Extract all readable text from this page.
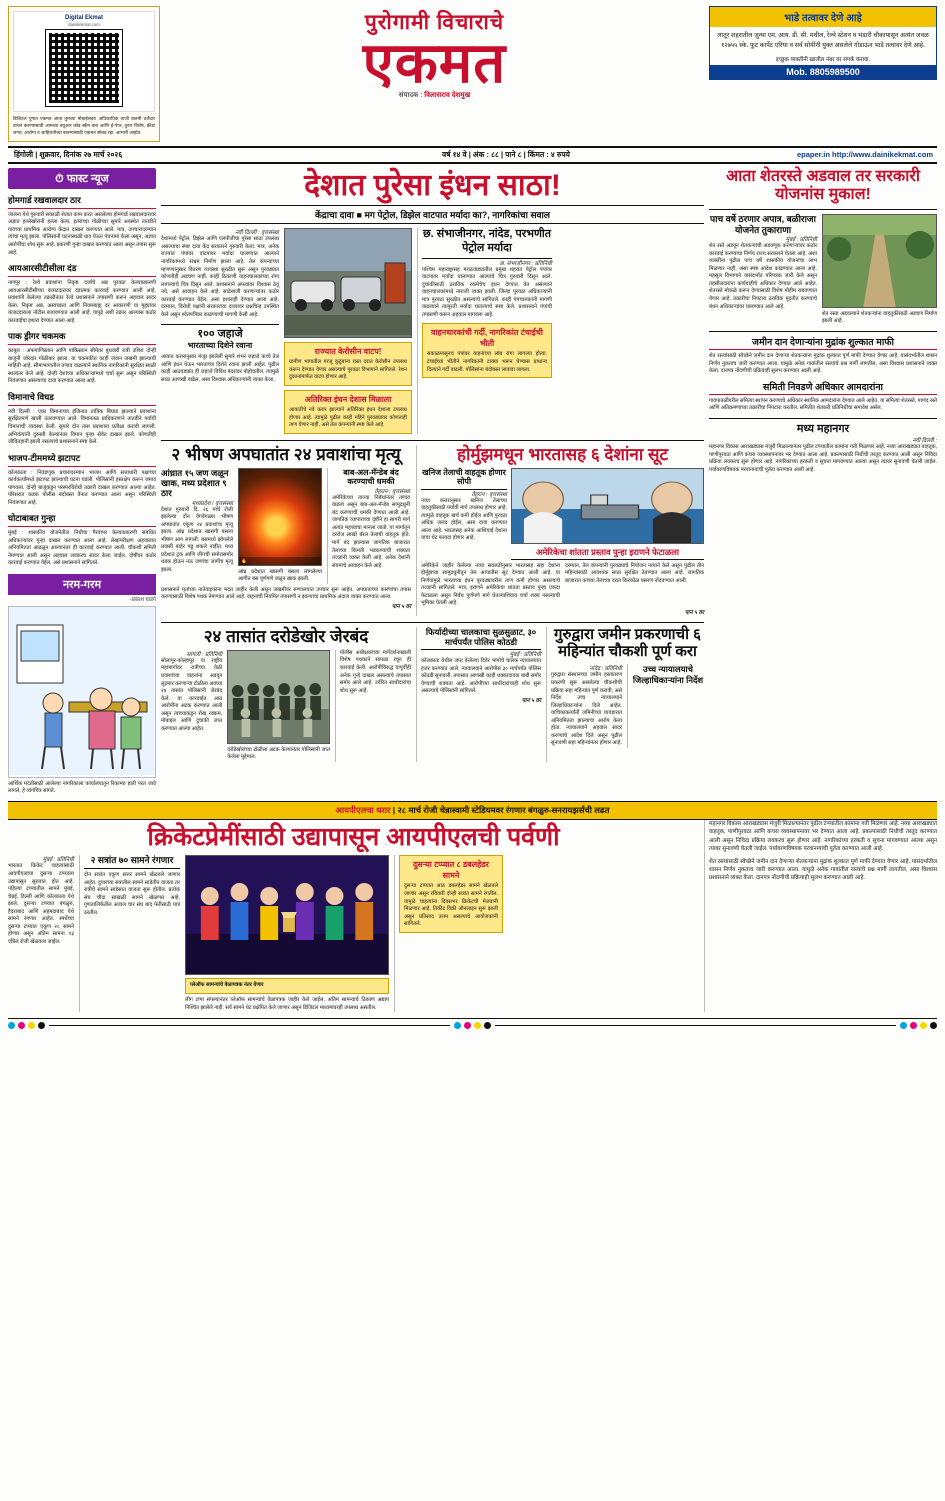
Digital Ekmat
dainikekmat.com
डिजिटल युगात एकमत आता तुमच्या मोबाईलवर! अधिकाधिक ताजी बातमी दर्जेदार वाचन करण्यासाठी आमच्या क्यूआर कोड स्कॅन करा आणि ई-पेपर, तुरुप विशेष, क्रीडा जगत, आरोग्य व जाहिरातीच्या बातम्यांसाठी एकमत सोबत रहा. आभारी आहोत.
पुरोगामी विचाराचे
एकमत
संपादक : विलासराव देशमुख
भाडे तत्वावर देणे आहे
लातूर शहरातील जुन्या एम. आय. डी. सी. मधील, रेल्वे स्टेशन व भंडारी चौकापासून अत्यंत जवळ १२७५५ स्के. फूट कार्पेट एरिया व सर्व सोयींनी युक्त असलेले गोडाऊन भाडे तत्वावर देणे आहे.
इच्छुक व्यक्तींनी खालील नंबर वर संपर्क करावा.
Mob. 8805989500
हिंगोली | शुक्रवार, दिनांक २७ मार्च २०२६	वर्ष १४ वे | अंक : ८८ | पाने ८ | किंमत : ४ रुपये	epaper.in http://www.dainikekmat.com
⏱ फास्ट न्यूज
होमगार्ड रखवालदार ठार
जालना येथे गुरुवारी सकाळी शेतात काम करत असलेल्या होमगार्ड रखवालदारावर अज्ञात हल्लेखोरांनी हल्ला केला. इतरांच्या गोळीच्या सुमारे अवस्थेत तातडीने गावच्या प्राथमिक आरोग्य केंद्रात दाखल करण्यात आले. मात्र, उपचारादरम्यान त्यांचा मृत्यू झाला. पोलिसांनी घटनास्थळी धाव घेऊन पंचनामा केला असून, अज्ञात आरोपींचा शोध सुरू आहे. प्रकरणी गुन्हा दाखल करण्यात आला असून तपास सुरू आहे.
आयआरसीटीसीला दंड
नागपूर : रेल्वे प्रवाशांना निकृष्ट दर्जाचे अन्न पुरवठा केल्याप्रकरणी आयआरसीटीसीच्या कंत्राटदारावर दंडात्मक कारवाई करण्यात आली आहे. प्रवाशांनी केलेल्या तक्रारीनंतर रेल्वे प्रशासनाने तपासणी करून अहवाल सादर केला. निकृष्ट अन्न, अस्वच्छता आणि नियमबाह्य दर आकारणी या मुद्द्यांवर कंत्राटदाराला नोटीस बजावण्यात आली आहे. यापुढे अशी तक्रार आल्यास कठोर कारवाईचा इशारा देण्यात आला आहे.
पाक ड्रीगर चकमक
काबूल : अफगाणिस्तान आणि पाकिस्तान सीमेवर बुधवारी रात्री उशिरा दोन्ही बाजूंनी जोरदार गोळीबार झाला. या चकमकीत काही जवान जखमी झाल्याची माहिती आहे. सीमाभागातील तणाव वाढल्याने स्थानिक नागरिकांनी सुरक्षित स्थळी स्थलांतर केले आहे. दोन्ही देशांच्या अधिकाऱ्यांमध्ये चर्चा सुरू असून परिस्थिती नियंत्रणात असल्याचा दावा करण्यात आला आहे.
विमानाचे विघड
नवी दिल्ली : एका विमानाच्या इंजिनात तांत्रिक बिघाड झाल्याने प्रवाशांना सुरक्षितपणे खाली उतरवण्यात आले. विमानतळ प्राधिकरणाने तातडीने पर्यायी विमानाची व्यवस्था केली. सुमारे दोन तास प्रवाशांना प्रतीक्षा करावी लागली. अभियंत्यांनी दुरुस्ती केल्यानंतर विमान पुन्हा सेवेत दाखल झाले. कोणतीही जीवितहानी झाली नसल्याचे प्रशासनाने स्पष्ट केले.
भाजप-टीममध्ये झटापट
कोलकाता : निवडणूक प्रचारादरम्यान भाजप आणि सत्ताधारी पक्षाच्या कार्यकर्त्यांमध्ये झटापट झाल्याची घटना घडली. पोलिसांनी हस्तक्षेप करून जमाव पांगवला. दोन्ही बाजूंकडून परस्परविरोधी तक्रारी दाखल करण्यात आल्या आहेत. परिसरात कडक पोलीस बंदोबस्त तैनात करण्यात आला असून परिस्थिती नियंत्रणात आहे.
घोटाबाबत गुन्हा
मुंबई : शासकीय योजनेतील निधीचा गैरवापर केल्याप्रकरणी संबंधित अधिकाऱ्यांवर गुन्हा दाखल करण्यात आला आहे. लेखापरीक्षण अहवालात अनियमितता आढळून आल्यानंतर ही कारवाई करण्यात आली. चौकशी समिती नेमण्यात आली असून अहवाल लवकरच सादर केला जाईल. दोषींवर कठोर कारवाई करण्यात येईल, असे प्रशासनाने सांगितले.
नरम-गरम
-प्रकाश घाडगे
आर्थिक मदतीसाठी आलेल्या नागरिकाला कार्यालयातून रिकाम्या हाती परत जावे लागले, हे व्यंगचित्र सांगते.
देशात पुरेसा इंधन साठा!
केंद्राचा दावा ■ मग पेट्रोल, डिझेल वाटपात मर्यादा का?, नागरिकांचा सवाल
नवी दिल्ली : वृत्तसंस्था
देशामध्ये पेट्रोल, डिझेल आणि एलपीजीचा पुरेसा साठा उपलब्ध असल्याचा स्पष्ट दावा केंद्र सरकारने गुरुवारी केला. मात्र, अनेक राज्यांत पंपांवर वाटपावर मर्यादा घालण्यात आल्याने नागरिकांमध्ये संभ्रम निर्माण झाला आहे. तेल कंपन्यांच्या म्हणण्यानुसार वितरण व्यवस्था सुरळीत सुरू असून पुरवठ्यात कोणतीही अडचण नाही. काही ठिकाणी वाहनचालकांच्या रांगा लागल्याचे चित्र दिसून आले. प्रशासनाने अफवांवर विश्वास ठेवू नये, असे आवाहन केले आहे. साठेबाजी करणाऱ्यांवर कठोर कारवाई करण्यात येईल, असा इशाराही देण्यात आला आहे. दरम्यान, विरोधी पक्षांनी सरकारच्या दाव्यावर प्रश्नचिन्ह उपस्थित केले असून श्वेतपत्रिका काढण्याची मागणी केली आहे.
१०० जहाजे
भारताच्या दिशेने रवाना
आयात करारानुसार मंजूर झालेली सुमारे शंभर जहाजे कच्चे तेल आणि इंधन घेऊन भारताच्या दिशेने रवाना झाली आहेत. पुढील काही आठवड्यांत ही जहाजे विविध बंदरांवर पोहोचतील. त्यामुळे साठा आणखी वाढेल, असा विश्वास अधिकाऱ्यांनी व्यक्त केला.
राज्यात केरोसीन वाटप!
ग्रामीण भागातील गरजू कुटुंबांना रास्त दरात केरोसीन उपलब्ध करून देण्यात येणार असल्याचे पुरवठा विभागाने सांगितले. रेशन दुकानांमार्फत वाटप होणार आहे.
अतिरिक्त इंधन देशास मिळाला
आयातीचे नवे करार झाल्याने अतिरिक्त इंधन देशाला उपलब्ध होणार आहे. त्यामुळे पुढील काही महिने पुरवठ्यावर कोणताही ताण येणार नाही, असे तेल कंपन्यांनी स्पष्ट केले आहे.
छ. संभाजीनगर, नांदेड, परभणीत पेट्रोल मर्यादा
छ. संभाजीनगर : प्रतिनिधी
पश्चिम महाराष्ट्रासह मराठवाड्यातील प्रमुख शहरांत पेट्रोल पंपांवर वाटपावर मर्यादा घालण्यात आल्याचे चित्र गुरुवारी दिसून आले. दुचाकीसाठी ठराविक रकमेचेच इंधन देण्यात येत असल्याने वाहनचालकांमध्ये नाराजी व्यक्त झाली. जिल्हा पुरवठा अधिकाऱ्यांनी मात्र पुरवठा सुरळीत असल्याचे सांगितले. काही पंपचालकांनी मागणी वाढल्याने तात्पुरती मर्यादा घातल्याचे स्पष्ट केले. प्रशासनाने पंपांची तपासणी करून अहवाल मागवला आहे.
वाहनधारकांची गर्दी, नागरिकांत टंचाईची भीती
सकाळपासूनच पंपांवर वाहनांच्या लांब रांगा लागल्या होत्या. टंचाईच्या भीतीने नागरिकांनी टाक्या भरून घेण्यास प्राधान्य दिल्याने गर्दी वाढली. पोलिसांना बंदोबस्त लावावा लागला.
२ भीषण अपघातांत २४ प्रवाशांचा मृत्यू
आंध्रात १५ जण जळून खाक, मध्य प्रदेशात ९ ठार
मध्यप्रदेश / वृत्तसंस्था
देशात गुरुवारी दि. २६ मार्च रोजी झालेल्या दोन वेगवेगळ्या भीषण अपघातांत एकूण २४ प्रवाशांचा मृत्यू झाला. आंध्र प्रदेशात खासगी बसला भीषण आग लागली. बसमध्ये झोपलेले प्रवासी बाहेर पडू शकले नाहीत. मध्य प्रदेशात ट्रक आणि जीपची समोरासमोर धडक होऊन नऊ जणांचा जागीच मृत्यू झाला.
🔥
आंध्र प्रदेशात खासगी बसला लागलेल्या आगीत बस पूर्णपणे जळून खाक झाली.
बाब-अल-मॅन्डेब बंद करण्याची धमकी
तेहरान : वृत्तसंस्था
अमेरिकेच्या ताज्या निर्बंधांनंतर तणाव वाढला असून बाब-अल-मॅन्डेब सामुद्रधुनी बंद करण्याची धमकी देण्यात आली आहे. जागतिक व्यापाराच्या दृष्टीने हा सागरी मार्ग अत्यंत महत्त्वाचा मानला जातो. या मार्गातून दररोज लाखो बॅरल तेलाची वाहतूक होते. मार्ग बंद झाल्यास जागतिक बाजारात तेलाच्या किमती भडकण्याची शक्यता तज्ज्ञांनी व्यक्त केली आहे. अनेक देशांनी संयमाचे आवाहन केले आहे.
प्रशासनाने मृतांच्या नातेवाइकांना मदत जाहीर केली असून जखमींवर रुग्णालयात उपचार सुरू आहेत. अपघाताच्या कारणांचा तपास करण्यासाठी विशेष पथक नेमण्यात आले आहे. वाहनांची नियमित तपासणी न झाल्याचा प्राथमिक अंदाज व्यक्त करण्यात आला.
पान ५ वर
होर्मुझमधून भारतासह ६ देशांना सूट
खनिज तेलाची वाहतूक होणार सोपी
तेहरान : वृत्तसंस्था
नव्या करारानुसार खनिज तेलाच्या वाहतुकीसाठी पर्यायी मार्ग उपलब्ध होणार आहे. त्यामुळे वाहतूक खर्च कमी होईल आणि पुरवठा अधिक जलद होईल, असा दावा करण्यात आला आहे. भारतासह अनेक आशियाई देशांना याचा थेट फायदा होणार आहे.
अमेरिकेचा शांतता प्रस्ताव पुन्हा इराणने फेटाळला
अमेरिकेने जाहीर केलेल्या नव्या सवलतीनुसार भारतासह सहा देशांना होर्मुझच्या सामुद्रधुनीतून तेल आयातीस सूट देण्यात आली आहे. या निर्णयामुळे भारताच्या इंधन पुरवठ्यावरील ताण कमी होणार असल्याचे तज्ज्ञांनी सांगितले. मात्र, इराणने अमेरिकेचा शांतता प्रस्ताव पुन्हा एकदा फेटाळला असून निर्बंध पूर्णपणे मागे घेतल्याशिवाय चर्चा शक्य नसल्याची भूमिका घेतली आहे.
दरम्यान, तेल कंपन्यांनी पुरवठ्याचे नियोजन नव्याने केले असून पुढील तीन महिन्यांसाठी आवश्यक साठा सुरक्षित ठेवण्यात आला आहे. जागतिक बाजारात कच्च्या तेलाच्या दरात किरकोळ घसरण नोंदवण्यात आली.
पान ५ वर
२४ तासांत दरोडेखोर जेरबंद
सांगली : प्रतिनिधी
सोलापूर-कोल्हापूर या राष्ट्रीय महामार्गावर रात्रीच्या वेळी प्रवाशांच्या वाहनांना अडवून लुटमार करणाऱ्या टोळीला अवघ्या २४ तासांत पोलिसांनी जेरबंद केले. या कारवाईत आठ आरोपींना अटक करण्यात आली असून त्यांच्याकडून रोख रक्कम, मोबाइल आणि दुचाकी जप्त करण्यात आल्या आहेत.
दरोडेखोरांच्या टोळीला अटक केल्यानंतर पोलिसांनी जप्त केलेला मुद्देमाल.
पोलीस अधीक्षकांच्या मार्गदर्शनाखाली विशेष पथकाने सापळा रचून ही कारवाई केली. आरोपींविरुद्ध यापूर्वीही अनेक गुन्हे दाखल असल्याचे तपासात समोर आले आहे. उर्वरित साथीदारांचा शोध सुरू आहे.
फिर्यादीच्या चालकाचा सुळसुळाट, ३० मार्चपर्यंत पोलिस कोठडी
मुंबई : प्रतिनिधी
कोलकाता येथील जप्त केलेल्या दिवेर भांगोचे चालक न्यायालयात हजर करण्यात आले. न्यायालयाने आरोपीस ३० मार्चपर्यंत पोलिस कोठडी सुनावली. तपासात आणखी काही धक्कादायक बाबी समोर येण्याची शक्यता आहे. आरोपींच्या साथीदारांचाही शोध सुरू असल्याचे पोलिसांनी सांगितले.
पान ५ वर
गुरुद्वारा जमीन प्रकरणाची ६ महिन्यांत चौकशी पूर्ण करा
नांदेड : प्रतिनिधी
गुरुद्वारा संस्थानच्या जमीन हस्तांतरण प्रकरणी सुरू असलेल्या चौकशीची प्रक्रिया सहा महिन्यांत पूर्ण करावी, असे निर्देश उच्च न्यायालयाने जिल्हाधिकाऱ्यांना दिले आहेत. याचिकाकर्त्यांनी जमिनीच्या व्यवहारात अनियमितता झाल्याचा आरोप केला होता. न्यायालयाने अहवाल सादर करण्याचे आदेश दिले असून पुढील सुनावणी सहा महिन्यांनंतर होणार आहे.
उच्च न्यायालयाचे जिल्हाधिकाऱ्यांना निर्देश
आता शेतरस्ते अडवाल तर सरकारी योजनांस मुकाल!
पाच वर्षे ठरणार अपात्र, बळीराजा योजनेत तुकाराणा
मुंबई : प्रतिनिधी
शेत रस्ते अडवून शेतकऱ्यांची अडवणूक करणाऱ्यांवर कठोर कारवाई करण्याचा निर्णय राज्य सरकारने घेतला आहे. अशा व्यक्तींना पुढील पाच वर्षे शासकीय योजनांचा लाभ मिळणार नाही, असा स्पष्ट आदेश काढण्यात आला आहे. महसूल विभागाने यासंदर्भात परिपत्रक जारी केले असून तहसीलदारांना कार्यवाहीचे अधिकार देण्यात आले आहेत. शेतरस्ते मोकळे करून देण्यासाठी विशेष मोहीम राबवण्यात येणार आहे. तक्रारींचा निपटारा ठराविक मुदतीत करण्याचे बंधन अधिकाऱ्यांवर घालण्यात आले आहे.
शेत रस्ता अडवल्याने शेतकऱ्यांना वाहतुकीसाठी अडचण निर्माण झाली आहे.
जमीन दान देणाऱ्यांना मुद्रांक शुल्कात माफी
शेत रस्त्यांसाठी स्वेच्छेने जमीन दान देणाऱ्या शेतकऱ्यांना मुद्रांक शुल्कात पूर्ण माफी देण्यात येणार आहे. यासंदर्भातील शासन निर्णय नुकताच जारी करण्यात आला. यामुळे अनेक गावांतील रस्त्यांचे प्रश्न मार्गी लागतील, असा विश्वास प्रशासनाने व्यक्त केला. दानपत्र नोंदणीची प्रक्रियाही सुलभ करण्यात आली आहे.
समिती निवडणे अधिकार आमदारांना
गावपातळीवरील समित्या स्थापन करण्याचे अधिकार स्थानिक आमदारांना देण्यात आले आहेत. या समित्या शेतरस्ते, पाणंद रस्ते आणि अतिक्रमणाच्या तक्रारींचा निपटारा करतील. समितीत शेतकरी प्रतिनिधींचा समावेश असेल.
मध्य महानगर
नवी दिल्ली :
महानगर विकास आराखड्यास मंजुरी मिळाल्यानंतर पुढील टप्प्यातील कामांना गती मिळणार आहे. नव्या आराखड्यात वाहतूक, पाणीपुरवठा आणि कचरा व्यवस्थापनावर भर देण्यात आला आहे. प्रकल्पासाठी निधीची तरतूद करण्यात आली असून निविदा प्रक्रिया लवकरच सुरू होणार आहे. नागरिकांच्या हरकती व सूचना मागवण्यात आल्या असून त्यावर सुनावणी घेतली जाईल. पर्यावरणविषयक परवानग्यांची पूर्तता करण्यात आली आहे.
आयपीएलचा थरार | २८ मार्च रोजी चेन्नास्वामी स्टेडियमवर रंगणार बंगळुरु-सनरायझर्सची लढत
क्रिकेटप्रेमींसाठी उद्यापासून आयपीएलची पर्वणी
मुंबई : प्रतिनिधी
भारतात क्रिकेट चाहत्यांसाठी आयपीएलच्या दुसऱ्या टप्प्याला उद्यापासून सुरुवात होत आहे. पहिल्या टप्प्यातील सामने मुंबई, चेन्नई, दिल्ली आणि कोलकाता येथे झाले. दुसऱ्या टप्प्यात बंगळुरु, हैदराबाद आणि अहमदाबाद येथे सामने रंगणार आहेत. स्पर्धेच्या दुसऱ्या टप्प्यात एकूण २८ सामने होणार असून अंतिम सामना १३ एप्रिल रोजी खेळवला जाईल.
२ सत्रांत ७० सामने रंगणार
दोन सत्रांत एकूण सत्तर सामने खेळवले जाणार आहेत. दुपारच्या सत्रातील सामने साडेतीन वाजता तर रात्रीचे सामने साडेसात वाजता सुरू होतील. प्रत्येक संघ चौदा साखळी सामने खेळणार आहे. गुणतालिकेतील अव्वल चार संघ बाद फेरीसाठी पात्र ठरतील.
प्लेऑफ सामन्यांचे वेळापत्रक नंतर येणार
लीग टप्पा संपल्यानंतर प्लेऑफ सामन्यांचे वेळापत्रक जाहीर केले जाईल. अंतिम सामन्याचे ठिकाण अद्याप निश्चित झालेले नाही. सर्व सामने थेट प्रक्षेपित केले जाणार असून डिजिटल माध्यमांवरही उपलब्ध असतील.
दुसऱ्या टप्प्यात ८ डबलहेडर सामने
दुसऱ्या टप्प्यात आठ डबलहेडर सामने खेळवले जाणार असून रविवारी दोन्ही सत्रांत सामने रंगतील. यामुळे चाहत्यांना दिवसभर क्रिकेटची मेजवानी मिळणार आहे. तिकीट विक्री ऑनलाइन सुरू झाली असून प्रतिसाद उत्तम असल्याचे आयोजकांनी सांगितले.
महानगर विकास आराखड्यास मंजुरी मिळाल्यानंतर पुढील टप्प्यातील कामांना गती मिळणार आहे. नव्या आराखड्यात वाहतूक, पाणीपुरवठा आणि कचरा व्यवस्थापनावर भर देण्यात आला आहे. प्रकल्पासाठी निधीची तरतूद करण्यात आली असून निविदा प्रक्रिया लवकरच सुरू होणार आहे. नागरिकांच्या हरकती व सूचना मागवण्यात आल्या असून त्यावर सुनावणी घेतली जाईल. पर्यावरणविषयक परवानग्यांची पूर्तता करण्यात आली आहे.
शेत रस्त्यांसाठी स्वेच्छेने जमीन दान देणाऱ्या शेतकऱ्यांना मुद्रांक शुल्कात पूर्ण माफी देण्यात येणार आहे. यासंदर्भातील शासन निर्णय नुकताच जारी करण्यात आला. यामुळे अनेक गावांतील रस्त्यांचे प्रश्न मार्गी लागतील, असा विश्वास प्रशासनाने व्यक्त केला. दानपत्र नोंदणीची प्रक्रियाही सुलभ करण्यात आली आहे.
